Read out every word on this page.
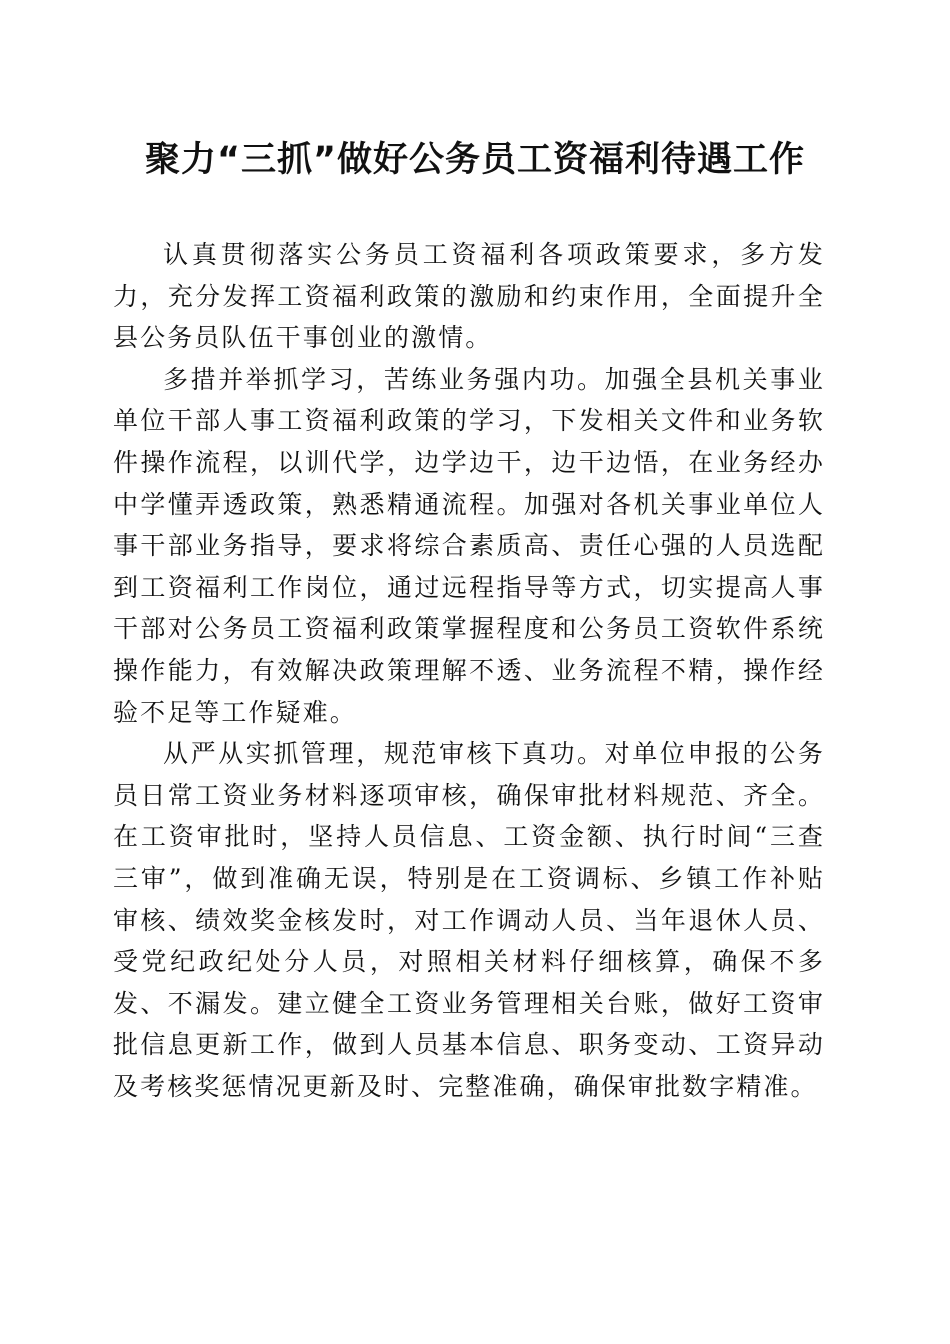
聚力“三抓”做好公务员工资福利待遇工作

认真贯彻落实公务员工资福利各项政策要求，多方发力，充分发挥工资福利政策的激励和约束作用，全面提升全县公务员队伍干事创业的激情。

多措并举抓学习，苦练业务强内功。加强全县机关事业单位干部人事工资福利政策的学习，下发相关文件和业务软件操作流程，以训代学，边学边干，边干边悟，在业务经办中学懂弄透政策，熟悉精通流程。加强对各机关事业单位人事干部业务指导，要求将综合素质高、责任心强的人员选配到工资福利工作岗位，通过远程指导等方式，切实提高人事干部对公务员工资福利政策掌握程度和公务员工资软件系统操作能力，有效解决政策理解不透、业务流程不精，操作经验不足等工作疑难。

从严从实抓管理，规范审核下真功。对单位申报的公务员日常工资业务材料逐项审核，确保审批材料规范、齐全。在工资审批时，坚持人员信息、工资金额、执行时间“三查三审”，做到准确无误，特别是在工资调标、乡镇工作补贴审核、绩效奖金核发时，对工作调动人员、当年退休人员、受党纪政纪处分人员，对照相关材料仔细核算，确保不多发、不漏发。建立健全工资业务管理相关台账，做好工资审批信息更新工作，做到人员基本信息、职务变动、工资异动及考核奖惩情况更新及时、完整准确，确保审批数字精准。
